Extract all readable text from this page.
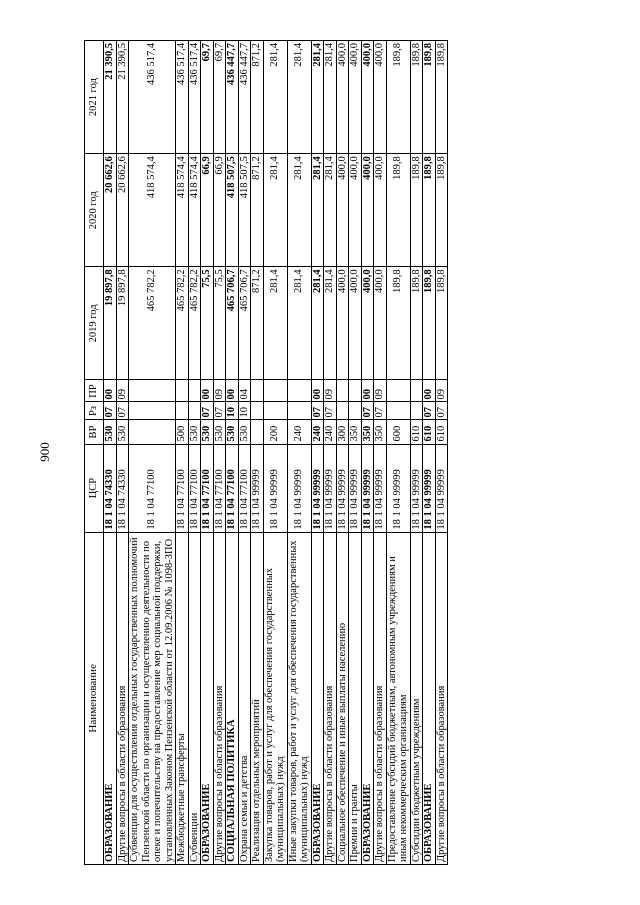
900
Наименование	ЦСР	ВР	Рз	ПР	2019 год	2020 год	2021 год
ОБРАЗОВАНИЕ	18 1 04 74330	530	07	00	19 897,8	20 662,6	21 390,5
Другие вопросы в области образования	18 1 04 74330	530	07	09	19 897,8	20 662,6	21 390,5
Субвенции для осуществления отдельных государственных полномочий Пензенской области по организации и осуществлению деятельности по опеке и попечительству на предоставление мер социальной поддержки, установленных Законом Пензенской области от 12.09.2006 № 1098-ЗПО	18 1 04 77100				465 782,2	418 574,4	436 517,4
Межбюджетные трансферты	18 1 04 77100	500			465 782,2	418 574,4	436 517,4
Субвенции	18 1 04 77100	530			465 782,2	418 574,4	436 517,4
ОБРАЗОВАНИЕ	18 1 04 77100	530	07	00	75,5	66,9	69,7
Другие вопросы в области образования	18 1 04 77100	530	07	09	75,5	66,9	69,7
СОЦИАЛЬНАЯ ПОЛИТИКА	18 1 04 77100	530	10	00	465 706,7	418 507,5	436 447,7
Охрана семьи и детства	18 1 04 77100	530	10	04	465 706,7	418 507,5	436 447,7
Реализация отдельных мероприятий	18 1 04 99999				871,2	871,2	871,2
Закупка товаров, работ и услуг для обеспечения государственных (муниципальных) нужд	18 1 04 99999	200			281,4	281,4	281,4
Иные закупки товаров, работ и услуг для обеспечения государственных (муниципальных) нужд	18 1 04 99999	240			281,4	281,4	281,4
ОБРАЗОВАНИЕ	18 1 04 99999	240	07	00	281,4	281,4	281,4
Другие вопросы в области образования	18 1 04 99999	240	07	09	281,4	281,4	281,4
Социальное обеспечение и иные выплаты населению	18 1 04 99999	300			400,0	400,0	400,0
Премии и гранты	18 1 04 99999	350			400,0	400,0	400,0
ОБРАЗОВАНИЕ	18 1 04 99999	350	07	00	400,0	400,0	400,0
Другие вопросы в области образования	18 1 04 99999	350	07	09	400,0	400,0	400,0
Предоставление субсидий бюджетным, автономным учреждениям и иным некоммерческим организациям	18 1 04 99999	600			189,8	189,8	189,8
Субсидии бюджетным учреждениям	18 1 04 99999	610			189,8	189,8	189,8
ОБРАЗОВАНИЕ	18 1 04 99999	610	07	00	189,8	189,8	189,8
Другие вопросы в области образования	18 1 04 99999	610	07	09	189,8	189,8	189,8
